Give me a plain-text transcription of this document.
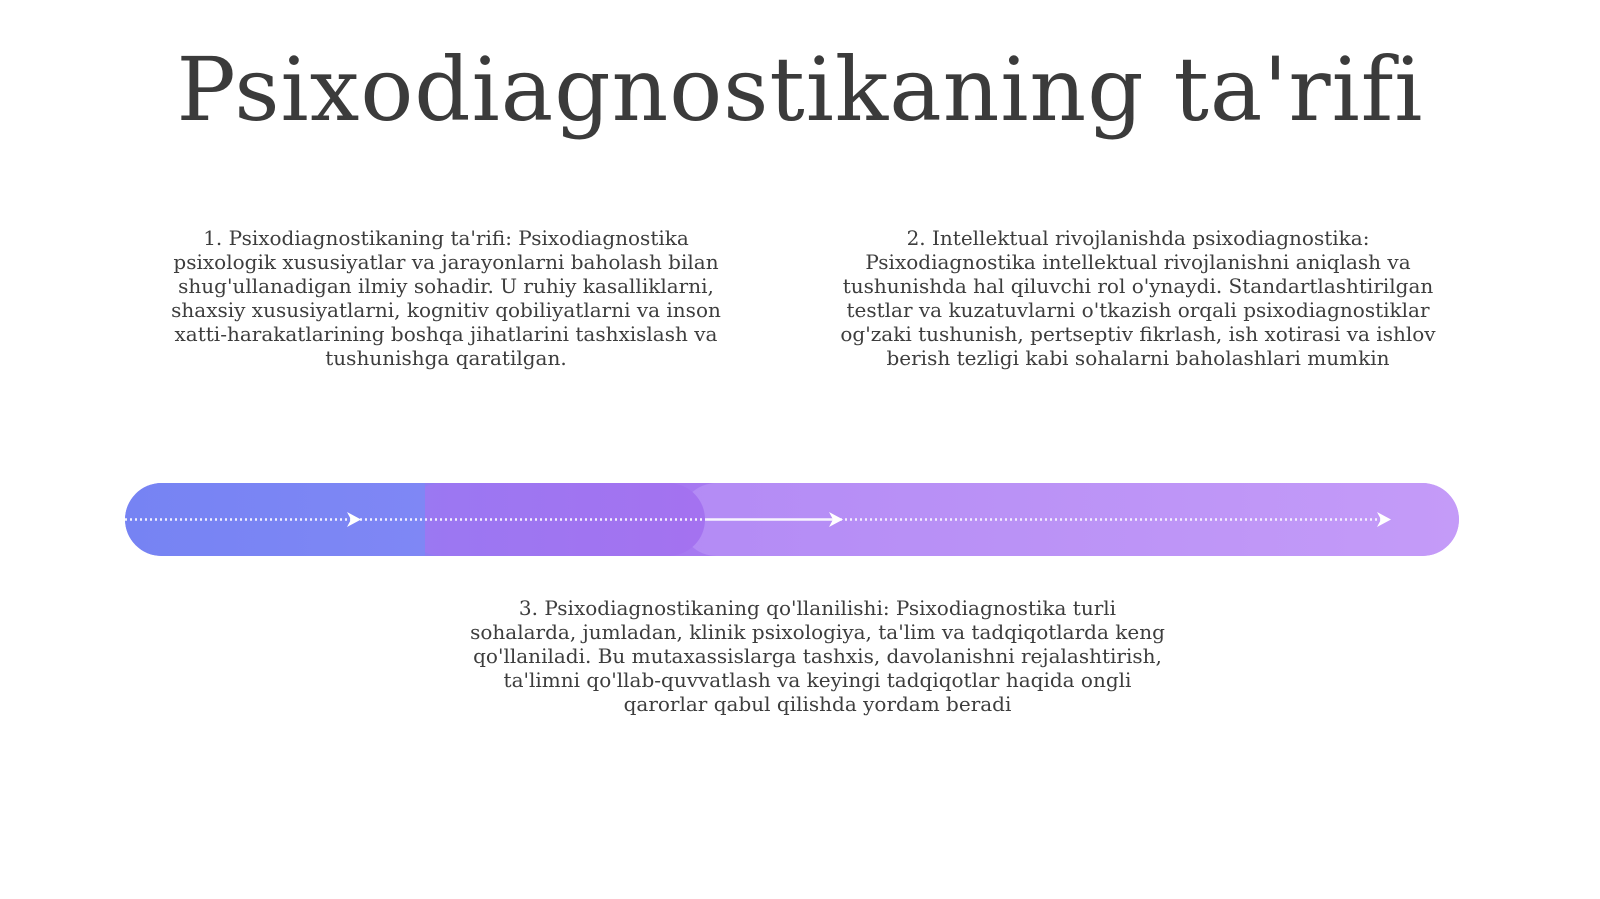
Psixodiagnostikaning ta'rifi
1. Psixodiagnostikaning ta'rifi: Psixodiagnostika psixologik xususiyatlar va jarayonlarni baholash bilan shug'ullanadigan ilmiy sohadir. U ruhiy kasalliklarni, shaxsiy xususiyatlarni, kognitiv qobiliyatlarni va inson xatti-harakatlarining boshqa jihatlarini tashxislash va tushunishga qaratilgan.
2. Intellektual rivojlanishda psixodiagnostika: Psixodiagnostika intellektual rivojlanishni aniqlash va tushunishda hal qiluvchi rol o'ynaydi. Standartlashtirilgan testlar va kuzatuvlarni o'tkazish orqali psixodiagnostiklar og'zaki tushunish, pertseptiv fikrlash, ish xotirasi va ishlov berish tezligi kabi sohalarni baholashlari mumkin
3. Psixodiagnostikaning qo'llanilishi: Psixodiagnostika turli sohalarda, jumladan, klinik psixologiya, ta'lim va tadqiqotlarda keng qo'llaniladi. Bu mutaxassislarga tashxis, davolanishni rejalashtirish, ta'limni qo'llab-quvvatlash va keyingi tadqiqotlar haqida ongli qarorlar qabul qilishda yordam beradi
